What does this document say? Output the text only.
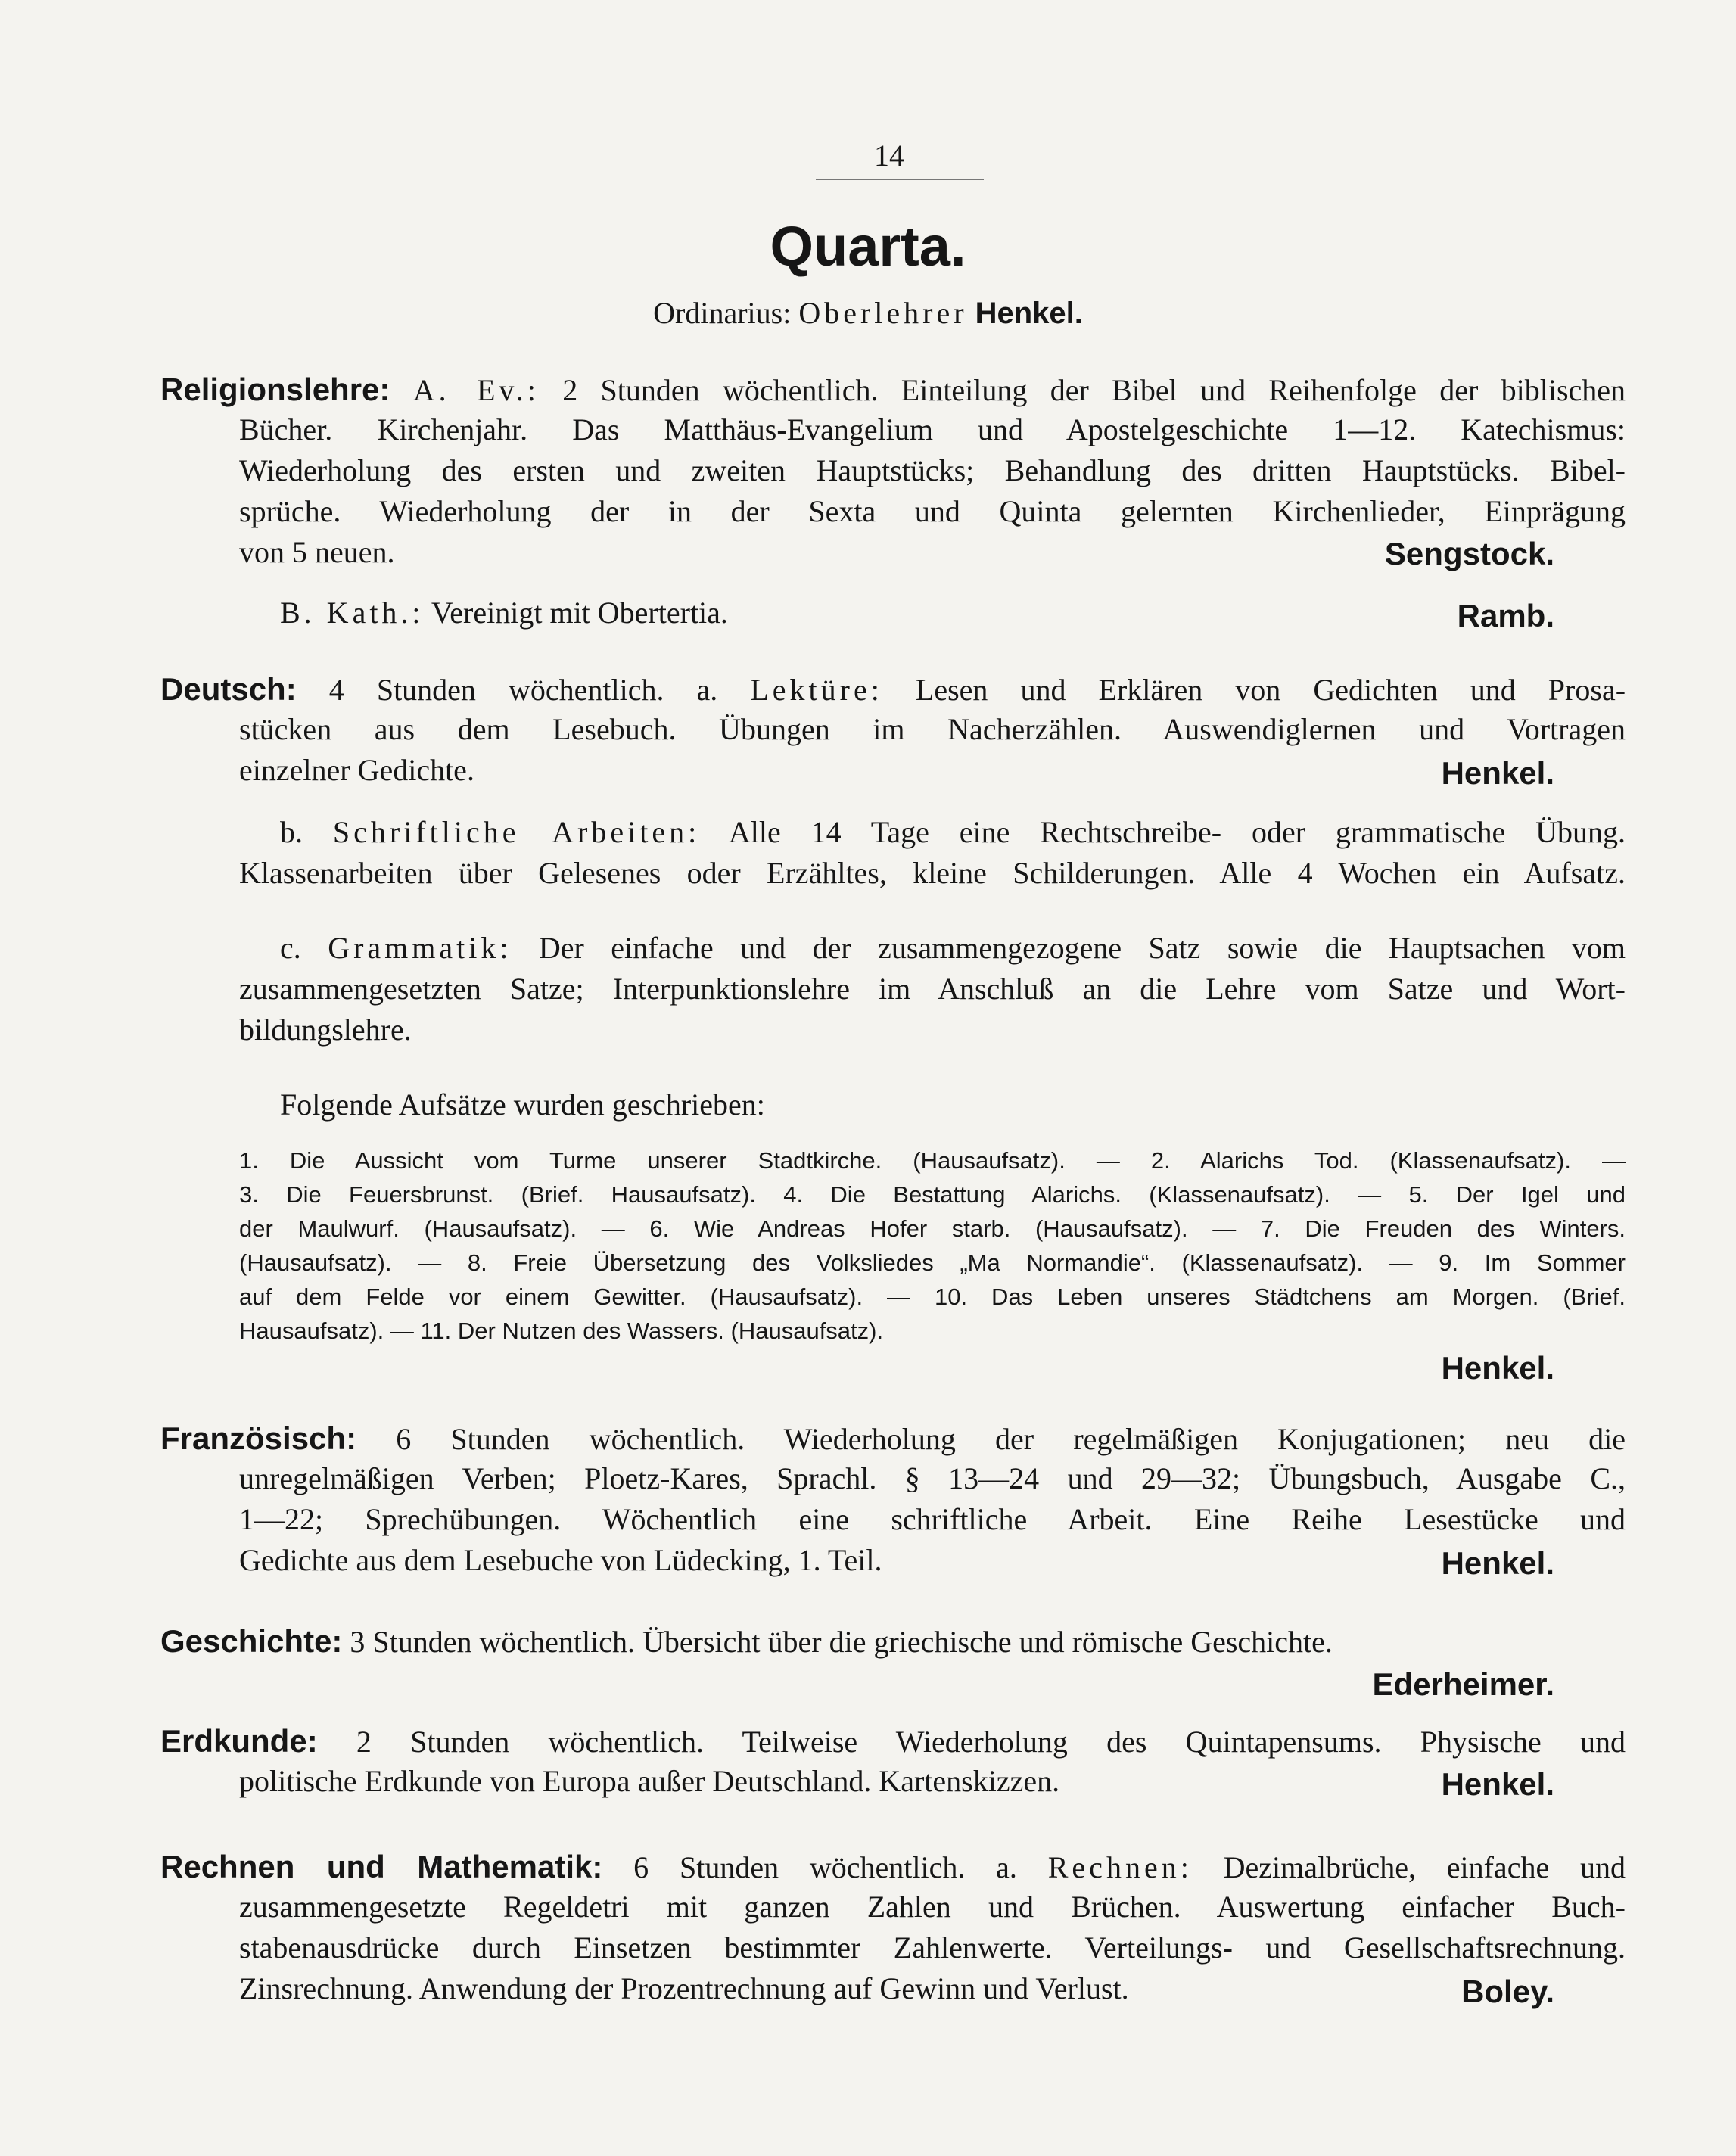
14
Quarta.
Ordinarius: Oberlehrer Henkel.
Religionslehre: A. Ev.: 2 Stunden wöchentlich. Einteilung der Bibel und Reihenfolge der biblischen
Bücher. Kirchenjahr. Das Matthäus-Evangelium und Apostelgeschichte 1—12. Katechismus:
Wiederholung des ersten und zweiten Hauptstücks; Behandlung des dritten Hauptstücks. Bibel-
sprüche. Wiederholung der in der Sexta und Quinta gelernten Kirchenlieder, Einprägung
von 5 neuen.	Sengstock.
B. Kath.: Vereinigt mit Obertertia.	Ramb.
Deutsch: 4 Stunden wöchentlich. a. Lektüre: Lesen und Erklären von Gedichten und Prosa-
stücken aus dem Lesebuch. Übungen im Nacherzählen. Auswendiglernen und Vortragen
einzelner Gedichte.	Henkel.
b. Schriftliche Arbeiten: Alle 14 Tage eine Rechtschreibe- oder grammatische Übung.
Klassenarbeiten über Gelesenes oder Erzähltes, kleine Schilderungen. Alle 4 Wochen ein Aufsatz.
c. Grammatik: Der einfache und der zusammengezogene Satz sowie die Hauptsachen vom
zusammengesetzten Satze; Interpunktionslehre im Anschluß an die Lehre vom Satze und Wort-
bildungslehre.
Folgende Aufsätze wurden geschrieben:
1. Die Aussicht vom Turme unserer Stadtkirche. (Hausaufsatz). — 2. Alarichs Tod. (Klassenaufsatz). —
3. Die Feuersbrunst. (Brief. Hausaufsatz). 4. Die Bestattung Alarichs. (Klassenaufsatz). — 5. Der Igel und
der Maulwurf. (Hausaufsatz). — 6. Wie Andreas Hofer starb. (Hausaufsatz). — 7. Die Freuden des Winters.
(Hausaufsatz). — 8. Freie Übersetzung des Volksliedes „Ma Normandie“. (Klassenaufsatz). — 9. Im Sommer
auf dem Felde vor einem Gewitter. (Hausaufsatz). — 10. Das Leben unseres Städtchens am Morgen. (Brief.
Hausaufsatz). — 11. Der Nutzen des Wassers. (Hausaufsatz).
Henkel.
Französisch: 6 Stunden wöchentlich. Wiederholung der regelmäßigen Konjugationen; neu die
unregelmäßigen Verben; Ploetz-Kares, Sprachl. § 13—24 und 29—32; Übungsbuch, Ausgabe C.,
1—22; Sprechübungen. Wöchentlich eine schriftliche Arbeit. Eine Reihe Lesestücke und
Gedichte aus dem Lesebuche von Lüdecking, 1. Teil.	Henkel.
Geschichte: 3 Stunden wöchentlich. Übersicht über die griechische und römische Geschichte.
Ederheimer.
Erdkunde: 2 Stunden wöchentlich. Teilweise Wiederholung des Quintapensums. Physische und
politische Erdkunde von Europa außer Deutschland. Kartenskizzen.	Henkel.
Rechnen und Mathematik: 6 Stunden wöchentlich. a. Rechnen: Dezimalbrüche, einfache und
zusammengesetzte Regeldetri mit ganzen Zahlen und Brüchen. Auswertung einfacher Buch-
stabenausdrücke durch Einsetzen bestimmter Zahlenwerte. Verteilungs- und Gesellschaftsrechnung.
Zinsrechnung. Anwendung der Prozentrechnung auf Gewinn und Verlust.	Boley.
